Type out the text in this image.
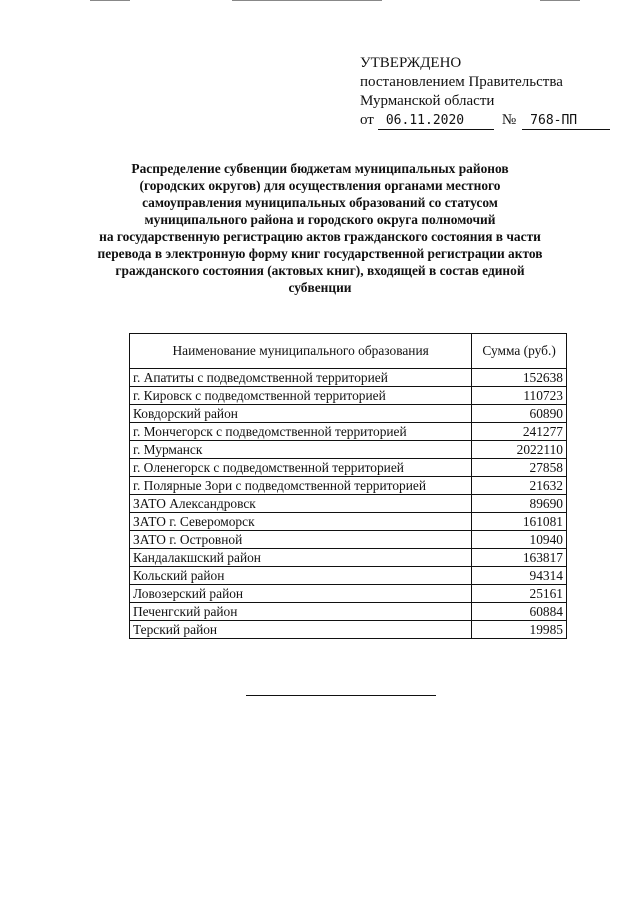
УТВЕРЖДЕНО
постановлением Правительства
Мурманской области
от 06.11.2020	№	768-ПП
Распределение субвенции бюджетам муниципальных районов
(городских округов) для осуществления органами местного
самоуправления муниципальных образований со статусом
муниципального района и городского округа полномочий
на государственную регистрацию актов гражданского состояния в части
перевода в электронную форму книг государственной регистрации актов
гражданского состояния (актовых книг), входящей в состав единой
субвенции
Наименование муниципального образования	Сумма (руб.)
г. Апатиты с подведомственной территорией	152638
г. Кировск с подведомственной территорией	110723
Ковдорский район	60890
г. Мончегорск с подведомственной территорией	241277
г. Мурманск	2022110
г. Оленегорск с подведомственной территорией	27858
г. Полярные Зори с подведомственной территорией	21632
ЗАТО Александровск	89690
ЗАТО г. Североморск	161081
ЗАТО г. Островной	10940
Кандалакшский район	163817
Кольский район	94314
Ловозерский район	25161
Печенгский район	60884
Терский район	19985
